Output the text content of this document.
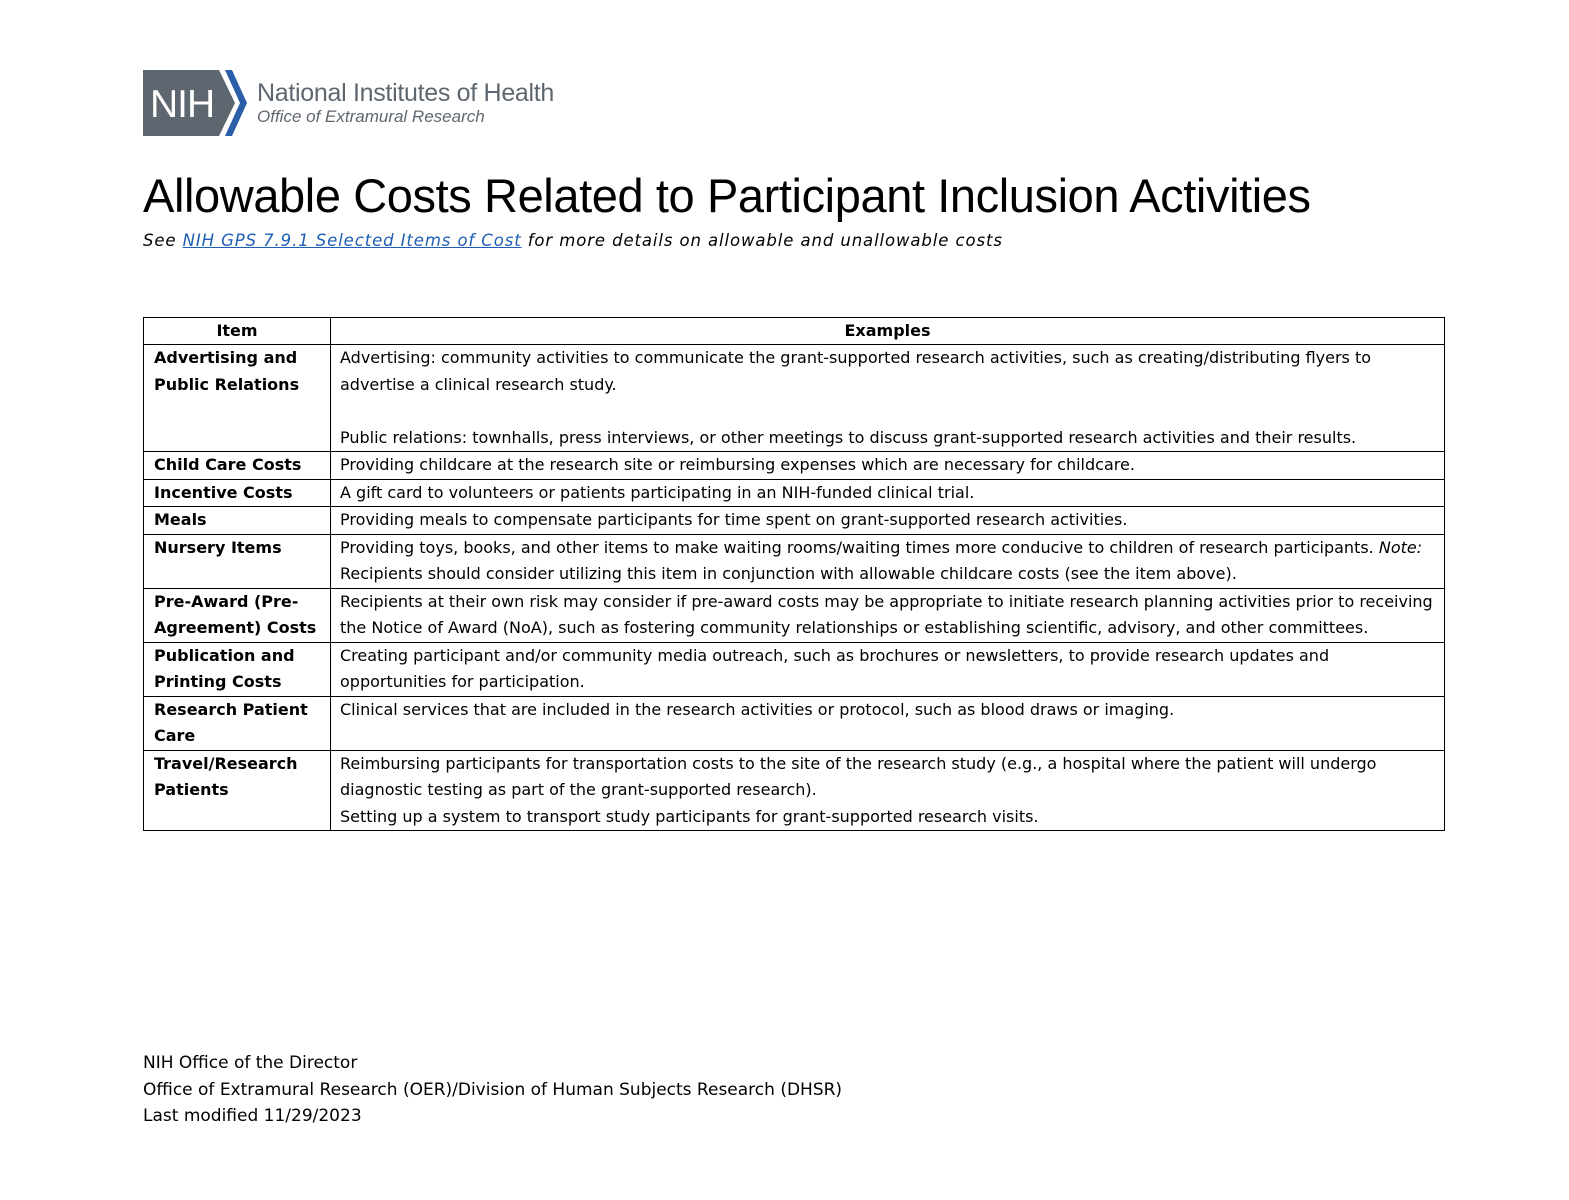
NIH National Institutes of Health
Office of Extramural Research
Allowable Costs Related to Participant Inclusion Activities

See NIH GPS 7.9.1 Selected Items of Cost for more details on allowable and unallowable costs

Item	Examples
Advertising and Public Relations	Advertising: community activities to communicate the grant-supported research activities, such as creating/distributing flyers to advertise a clinical research study.
Public relations: townhalls, press interviews, or other meetings to discuss grant-supported research activities and their results.

Child Care Costs	Providing childcare at the research site or reimbursing expenses which are necessary for childcare.

Incentive Costs	A gift card to volunteers or patients participating in an NIH-funded clinical trial.

Meals	Providing meals to compensate participants for time spent on grant-supported research activities.

Nursery Items	Providing toys, books, and other items to make waiting rooms/waiting times more conducive to children of research participants. Note: Recipients should consider utilizing this item in conjunction with allowable childcare costs (see the item above).

Pre-Award (Pre-Agreement) Costs	Recipients at their own risk may consider if pre-award costs may be appropriate to initiate research planning activities prior to receiving the Notice of Award (NoA), such as fostering community relationships or establishing scientific, advisory, and other committees.

Publication and Printing Costs	Creating participant and/or community media outreach, such as brochures or newsletters, to provide research updates and opportunities for participation.

Research Patient Care	Clinical services that are included in the research activities or protocol, such as blood draws or imaging.

Travel/Research Patients	Reimbursing participants for transportation costs to the site of the research study (e.g., a hospital where the patient will undergo diagnostic testing as part of the grant-supported research).
Setting up a system to transport study participants for grant-supported research visits.
NIH Office of the Director
Office of Extramural Research (OER)/Division of Human Subjects Research (DHSR)
Last modified 11/29/2023
